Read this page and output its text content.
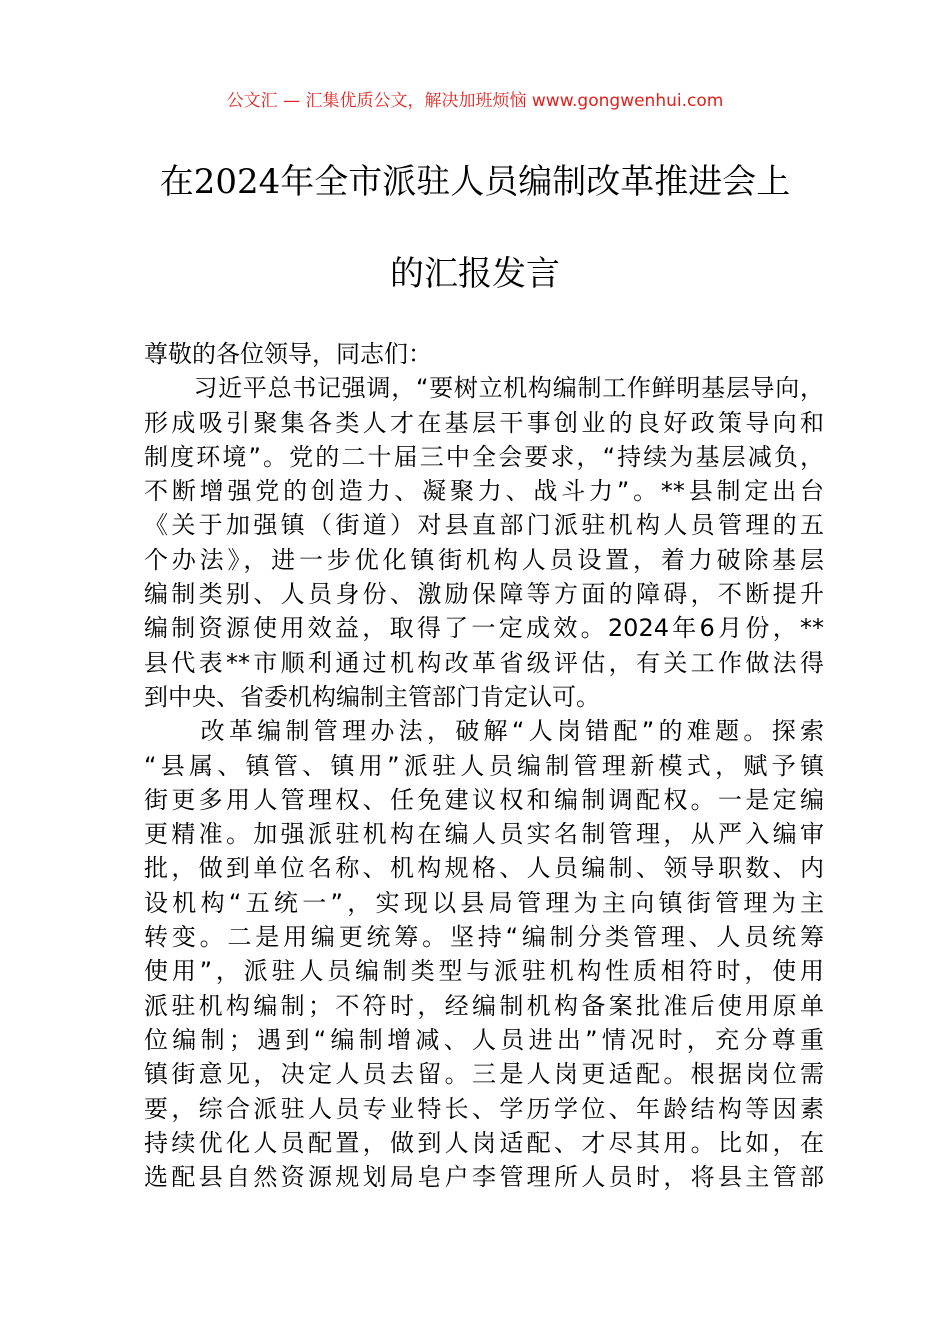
公文汇 — 汇集优质公文，解决加班烦恼 www.gongwenhui.com
在2024年全市派驻人员编制改革推进会上
的汇报发言
尊敬的各位领导，同志们：
　　习近平总书记强调，“要树立机构编制工作鲜明基层导向，
形成吸引聚集各类人才在基层干事创业的良好政策导向和
制度环境”。党的二十届三中全会要求，“持续为基层减负，
不断增强党的创造力、凝聚力、战斗力”。**县制定出台
《关于加强镇（街道）对县直部门派驻机构人员管理的五
个办法》，进一步优化镇街机构人员设置，着力破除基层
编制类别、人员身份、激励保障等方面的障碍，不断提升
编制资源使用效益，取得了一定成效。2024年6月份，**
县代表**市顺利通过机构改革省级评估，有关工作做法得
到中央、省委机构编制主管部门肯定认可。
　　改革编制管理办法，破解“人岗错配”的难题。探索
“县属、镇管、镇用”派驻人员编制管理新模式，赋予镇
街更多用人管理权、任免建议权和编制调配权。一是定编
更精准。加强派驻机构在编人员实名制管理，从严入编审
批，做到单位名称、机构规格、人员编制、领导职数、内
设机构“五统一”，实现以县局管理为主向镇街管理为主
转变。二是用编更统筹。坚持“编制分类管理、人员统筹
使用”，派驻人员编制类型与派驻机构性质相符时，使用
派驻机构编制；不符时，经编制机构备案批准后使用原单
位编制；遇到“编制增减、人员进出”情况时，充分尊重
镇街意见，决定人员去留。三是人岗更适配。根据岗位需
要，综合派驻人员专业特长、学历学位、年龄结构等因素
持续优化人员配置，做到人岗适配、才尽其用。比如，在
选配县自然资源规划局皂户李管理所人员时，将县主管部
